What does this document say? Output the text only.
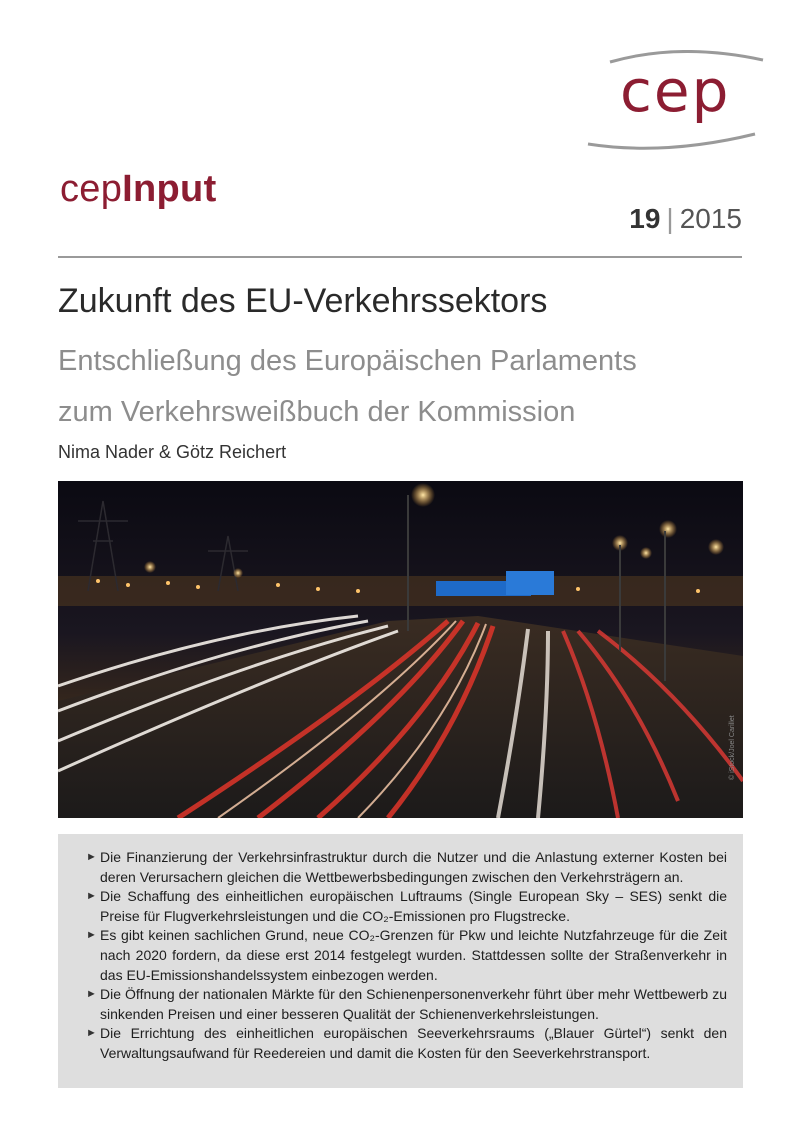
cep
cepInput
19 | 2015
Zukunft des EU-Verkehrssektors
Entschließung des Europäischen Parlaments
zum Verkehrsweißbuch der Kommission
Nima Nader & Götz Reichert
© iStock/Joel Carillet
► Die Finanzierung der Verkehrsinfrastruktur durch die Nutzer und die Anlastung externer Kosten bei deren Verursachern gleichen die Wettbewerbsbedingungen zwischen den Verkehrsträgern an.
► Die Schaffung des einheitlichen europäischen Luftraums (Single European Sky – SES) senkt die Preise für Flugverkehrsleistungen und die CO₂-Emissionen pro Flugstrecke.
► Es gibt keinen sachlichen Grund, neue CO₂-Grenzen für Pkw und leichte Nutzfahrzeuge für die Zeit nach 2020 fordern, da diese erst 2014 festgelegt wurden. Stattdessen sollte der Straßenverkehr in das EU-Emissionshandelssystem einbezogen werden.
► Die Öffnung der nationalen Märkte für den Schienenpersonenverkehr führt über mehr Wettbewerb zu sinkenden Preisen und einer besseren Qualität der Schienenverkehrsleistungen.
► Die Errichtung des einheitlichen europäischen Seeverkehrsraums („Blauer Gürtel“) senkt den Verwaltungsaufwand für Reedereien und damit die Kosten für den Seeverkehrstransport.
